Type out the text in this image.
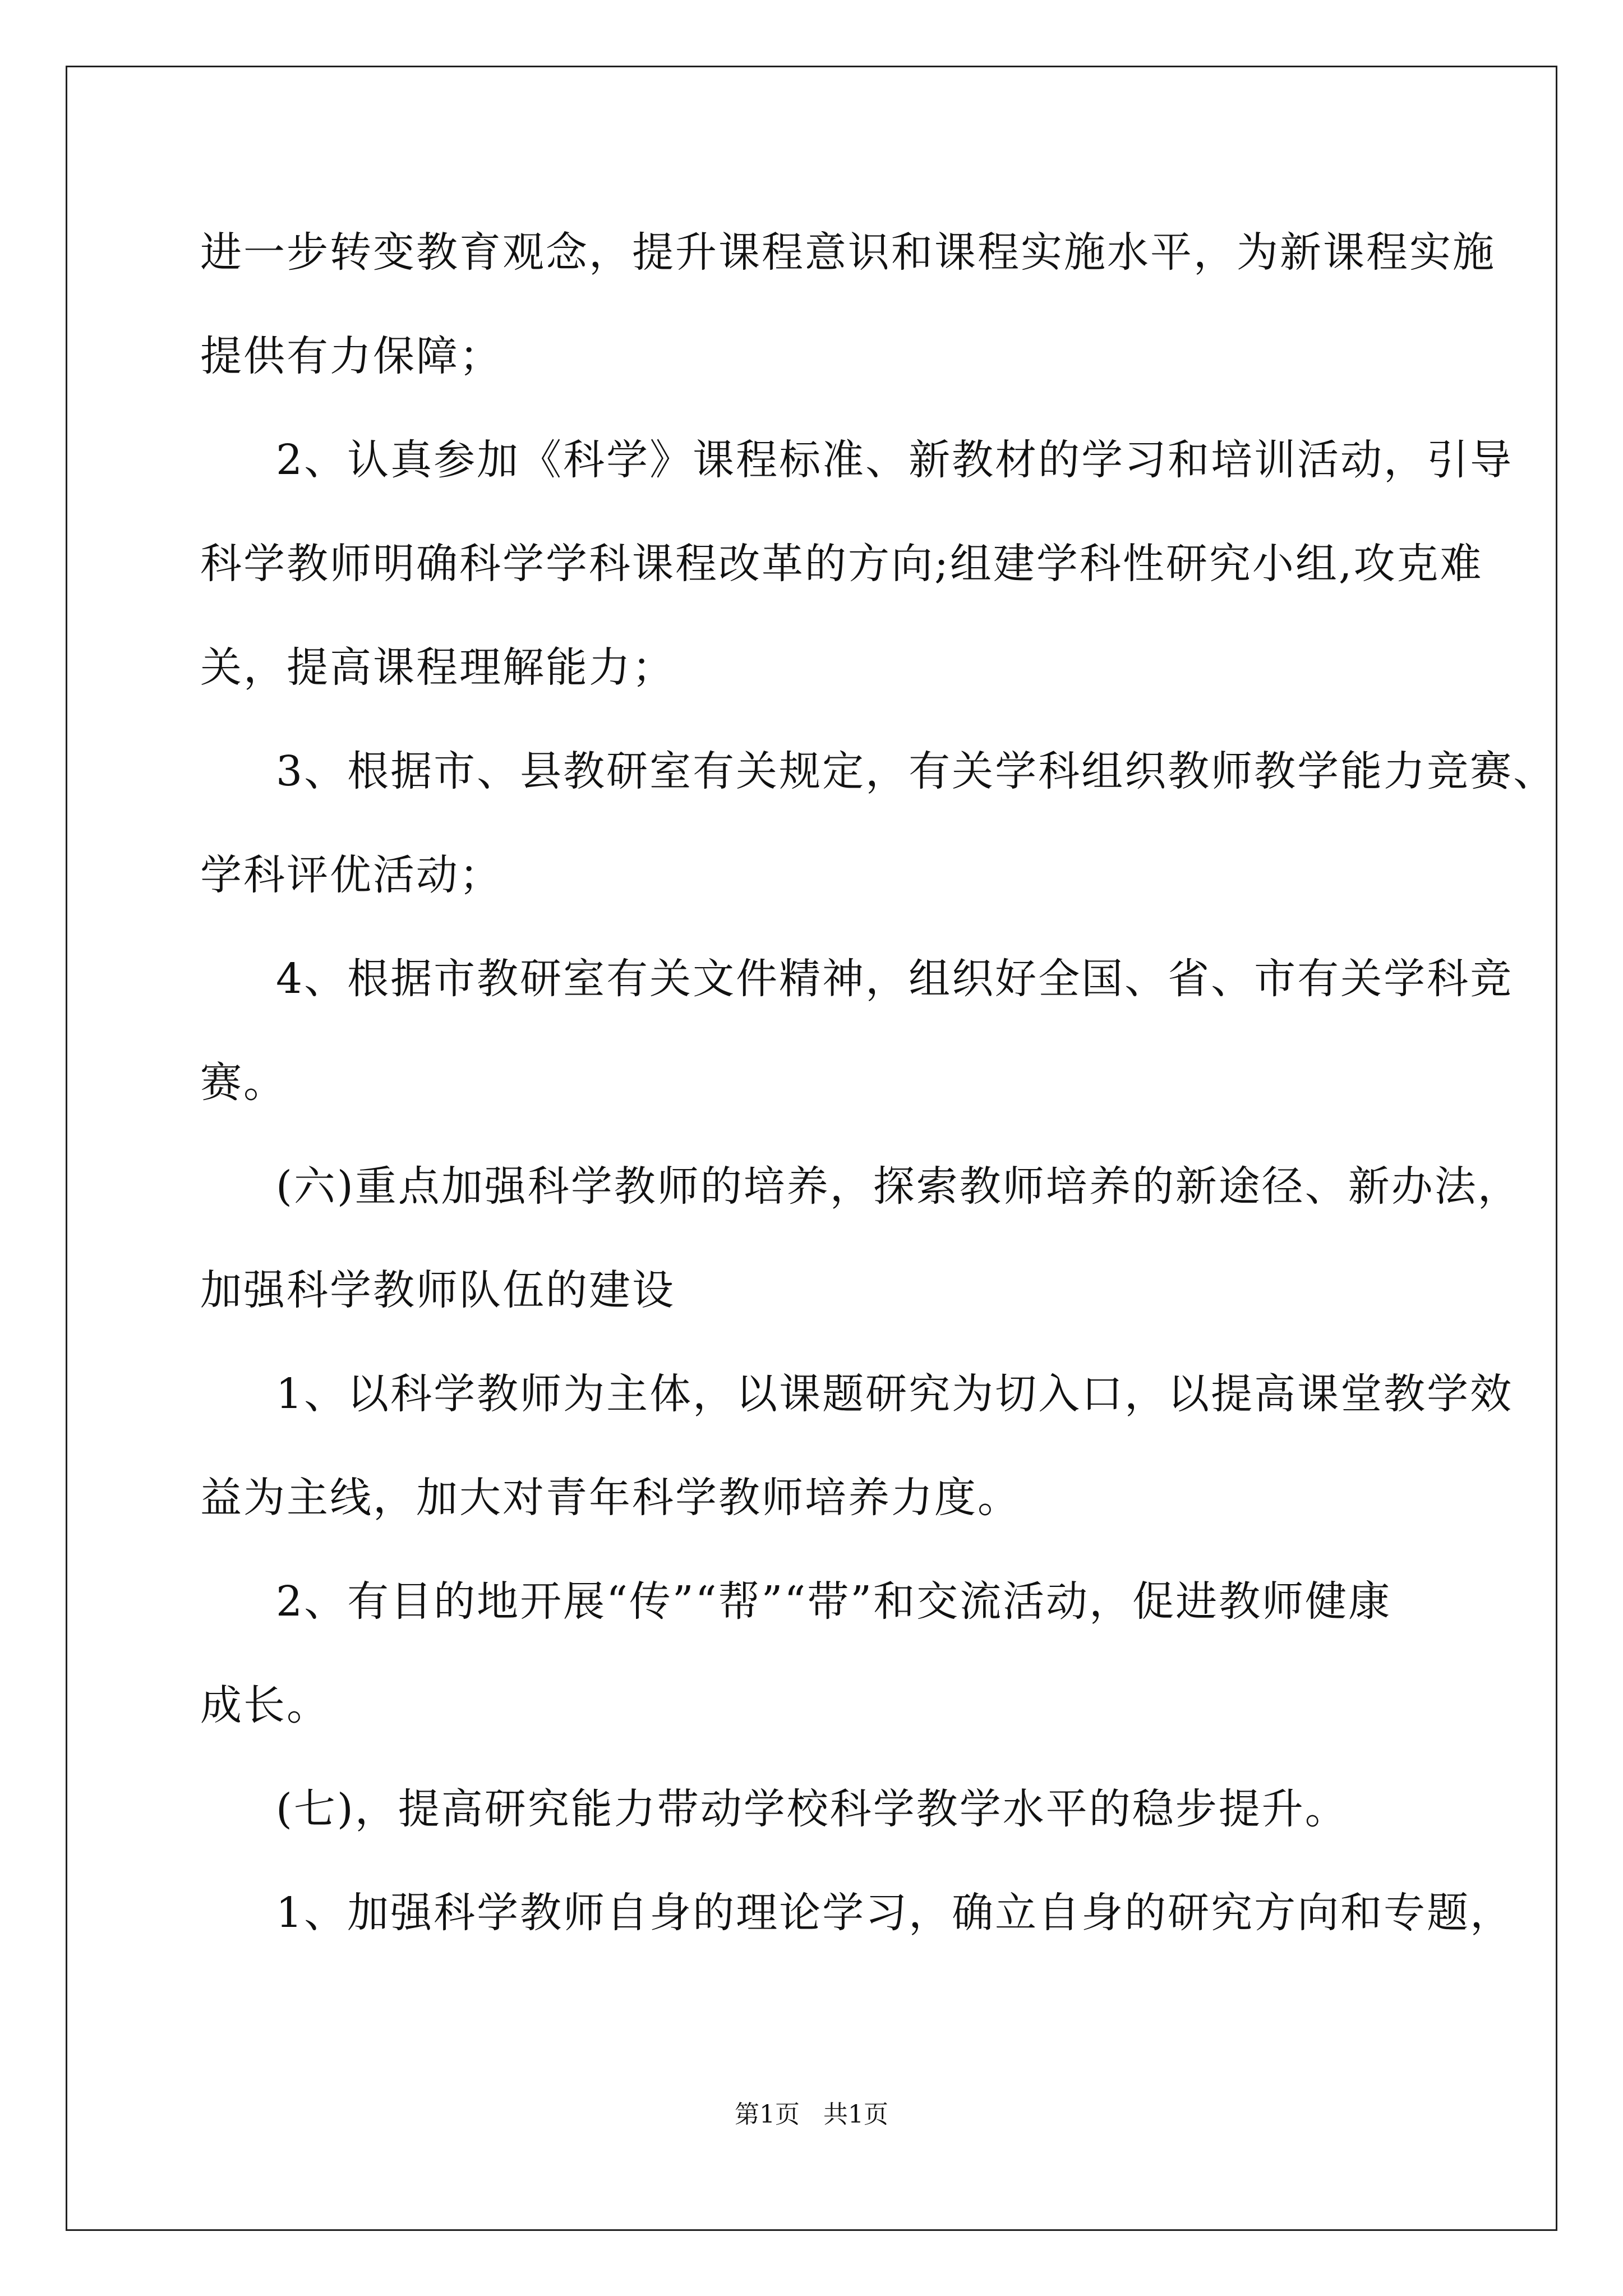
进一步转变教育观念，提升课程意识和课程实施水平，为新课程实施
提供有力保障；
2、认真参加《科学》课程标准、新教材的学习和培训活动，引导
科学教师明确科学学科课程改革的方向;组建学科性研究小组,攻克难
关，提高课程理解能力；
3、根据市、县教研室有关规定，有关学科组织教师教学能力竞赛、
学科评优活动；
4、根据市教研室有关文件精神，组织好全国、省、市有关学科竞
赛。
(六)重点加强科学教师的培养，探索教师培养的新途径、新办法，
加强科学教师队伍的建设
1、以科学教师为主体，以课题研究为切入口，以提高课堂教学效
益为主线，加大对青年科学教师培养力度。
2、有目的地开展“传”“帮”“带”和交流活动，促进教师健康
成长。
(七)，提高研究能力带动学校科学教学水平的稳步提升。
1、加强科学教师自身的理论学习，确立自身的研究方向和专题，
第1页   共1页
